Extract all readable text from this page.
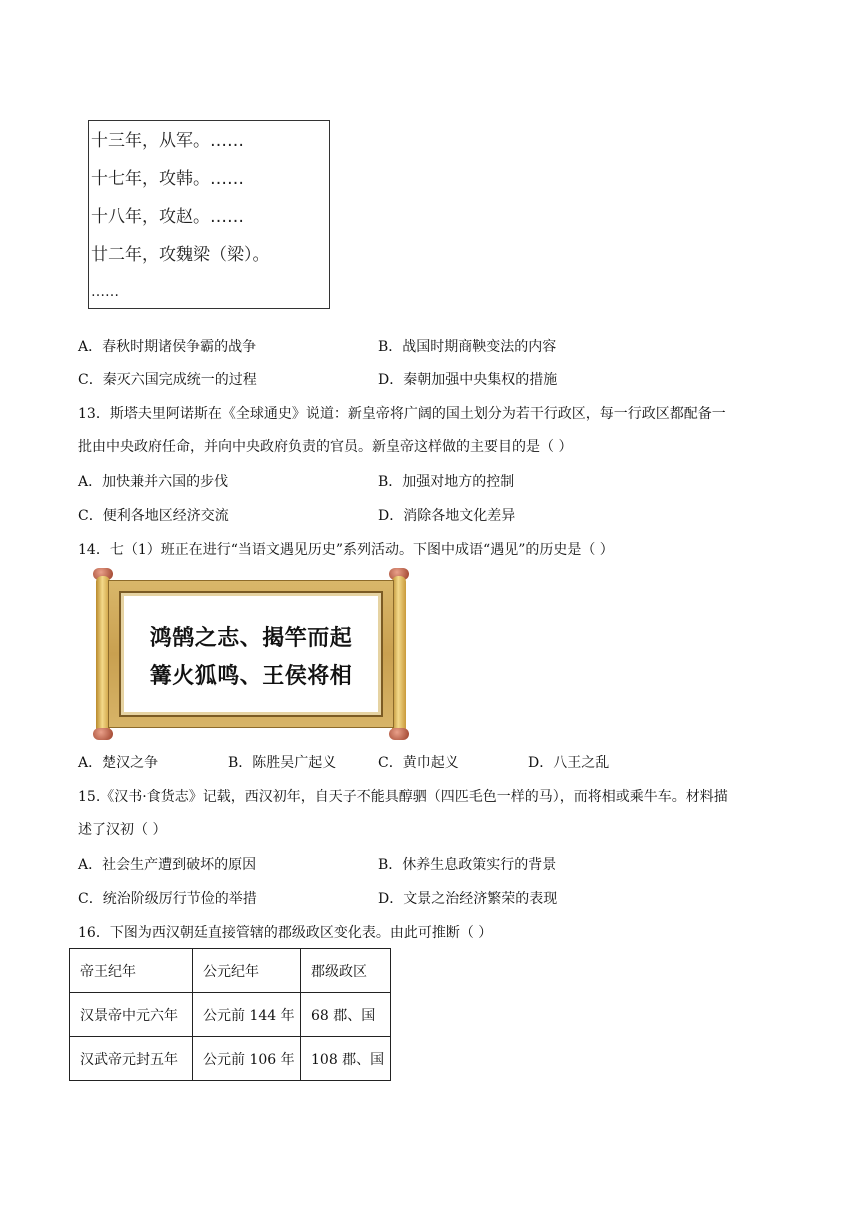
十三年，从军。……
十七年，攻韩。……
十八年，攻赵。……
廿二年，攻魏梁（梁）。
……
A．春秋时期诸侯争霸的战争	B．战国时期商鞅变法的内容
C．秦灭六国完成统一的过程	D．秦朝加强中央集权的措施
13．斯塔夫里阿诺斯在《全球通史》说道：新皇帝将广阔的国土划分为若干行政区，每一行政区都配备一
批由中央政府任命，并向中央政府负责的官员。新皇帝这样做的主要目的是（ ）
A．加快兼并六国的步伐	B．加强对地方的控制
C．便利各地区经济交流	D．消除各地文化差异
14．七（1）班正在进行“当语文遇见历史”系列活动。下图中成语“遇见”的历史是（ ）
鸿鹄之志、揭竿而起
篝火狐鸣、王侯将相
A．楚汉之争	B．陈胜吴广起义	C．黄巾起义	D．八王之乱
15.《汉书·食货志》记载，西汉初年，自天子不能具醇驷（四匹毛色一样的马），而将相或乘牛车。材料描
述了汉初（ ）
A．社会生产遭到破坏的原因	B．休养生息政策实行的背景
C．统治阶级厉行节俭的举措	D．文景之治经济繁荣的表现
16．下图为西汉朝廷直接管辖的郡级政区变化表。由此可推断（ ）
帝王纪年	公元纪年	郡级政区
汉景帝中元六年	公元前 144 年	68 郡、国
汉武帝元封五年	公元前 106 年	108 郡、国
